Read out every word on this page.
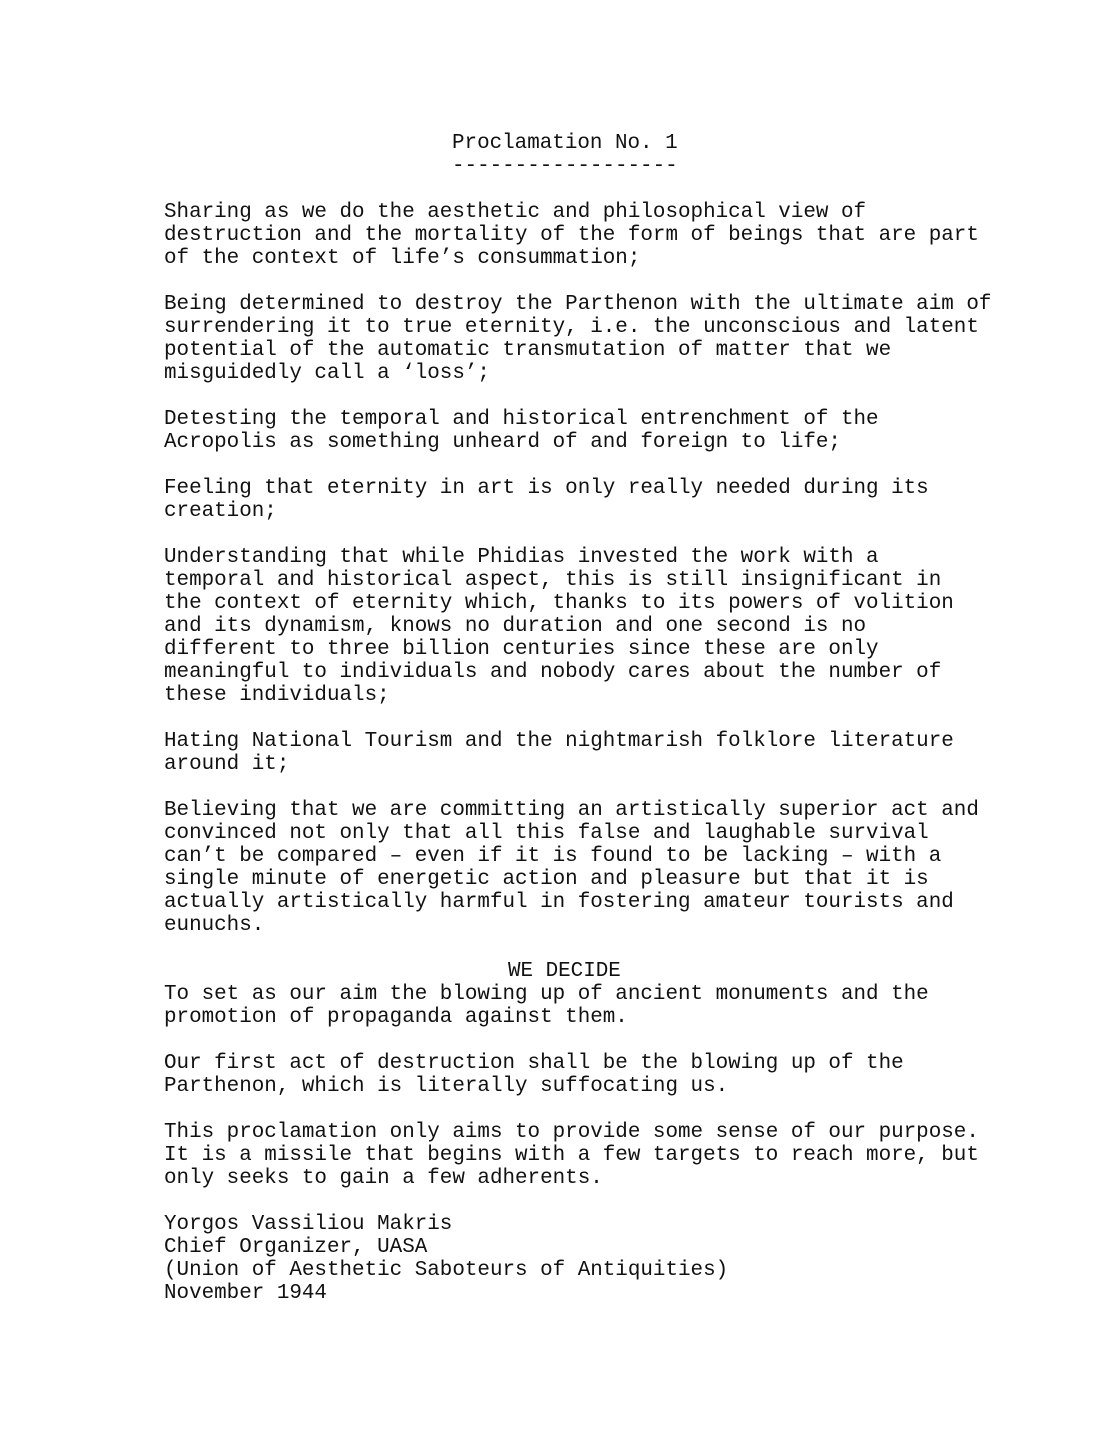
Proclamation No. 1
------------------
Sharing as we do the aesthetic and philosophical view of
destruction and the mortality of the form of beings that are part
of the context of life’s consummation;
Being determined to destroy the Parthenon with the ultimate aim of
surrendering it to true eternity, i.e. the unconscious and latent
potential of the automatic transmutation of matter that we
misguidedly call a ‘loss’;
Detesting the temporal and historical entrenchment of the
Acropolis as something unheard of and foreign to life;
Feeling that eternity in art is only really needed during its
creation;
Understanding that while Phidias invested the work with a
temporal and historical aspect, this is still insignificant in
the context of eternity which, thanks to its powers of volition
and its dynamism, knows no duration and one second is no
different to three billion centuries since these are only
meaningful to individuals and nobody cares about the number of
these individuals;
Hating National Tourism and the nightmarish folklore literature
around it;
Believing that we are committing an artistically superior act and
convinced not only that all this false and laughable survival
can’t be compared – even if it is found to be lacking – with a
single minute of energetic action and pleasure but that it is
actually artistically harmful in fostering amateur tourists and
eunuchs.
WE DECIDE
To set as our aim the blowing up of ancient monuments and the
promotion of propaganda against them.
Our first act of destruction shall be the blowing up of the
Parthenon, which is literally suffocating us.
This proclamation only aims to provide some sense of our purpose.
It is a missile that begins with a few targets to reach more, but
only seeks to gain a few adherents.
Yorgos Vassiliou Makris
Chief Organizer, UASA
(Union of Aesthetic Saboteurs of Antiquities)
November 1944
